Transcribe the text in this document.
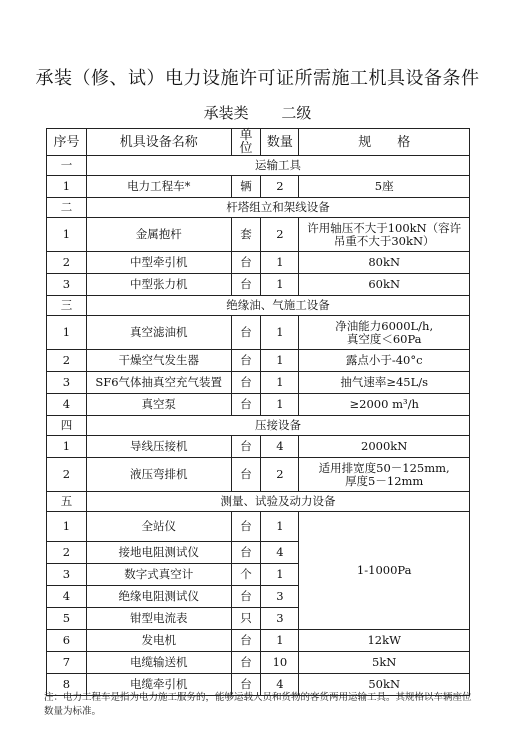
承装（修、试）电力设施许可证所需施工机具设备条件
承装类 二级
序号	机具设备名称	单位	数量	规　　格
一	运输工具			
1	电力工程车*	辆	2	5座
二	杆塔组立和架线设备			
1	金属抱杆	套	2	许用轴压不大于100kN（容许吊重不大于30kN）
2	中型牵引机	台	1	80kN
3	中型张力机	台	1	60kN
三	绝缘油、气施工设备			
1	真空滤油机	台	1	净油能力6000L/h,
真空度＜60Pa

2	干燥空气发生器	台	1	露点小于-40°c
3	SF6气体抽真空充气装置	台	1	抽气速率≥45L/s
4	真空泵	台	1	≥2000 m³/h
四	压接设备			
1	导线压接机	台	4	2000kN
2	液压弯排机	台	2	适用排宽度50－125mm,
厚度5－12mm

五	测量、试验及动力设备			
1	全站仪	台	1	1-1000Pa
2	接地电阻测试仪	台	4	
3	数字式真空计	个	1	
4	绝缘电阻测试仪	台	3	
5	钳型电流表	只	3	
6	发电机	台	1	12kW
7	电缆输送机	台	10	5kN
8	电缆牵引机	台	4	50kN
注：电力工程车是指为电力施工服务的，能够运载人员和货物的客货两用运输工具。其规格以车辆座位数量为标准。
